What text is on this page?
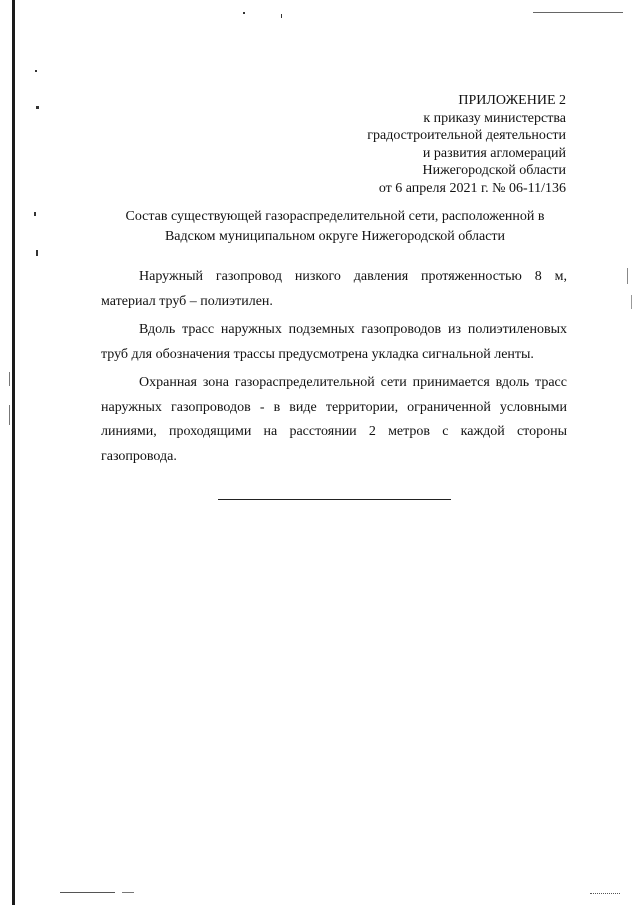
ПРИЛОЖЕНИЕ 2
к приказу министерства
градостроительной деятельности
и развития агломераций
Нижегородской области
от 6 апреля 2021 г. № 06-11/136
Состав существующей газораспределительной сети, расположенной в
Вадском муниципальном округе Нижегородской области

Наружный газопровод низкого давления протяженностью 8 м, материал труб – полиэтилен.

Вдоль трасс наружных подземных газопроводов из полиэтиленовых труб для обозначения трассы предусмотрена укладка сигнальной ленты.

Охранная зона газораспределительной сети принимается вдоль трасс наружных газопроводов - в виде территории, ограниченной условными линиями, проходящими на расстоянии 2 метров с каждой стороны газопровода.
